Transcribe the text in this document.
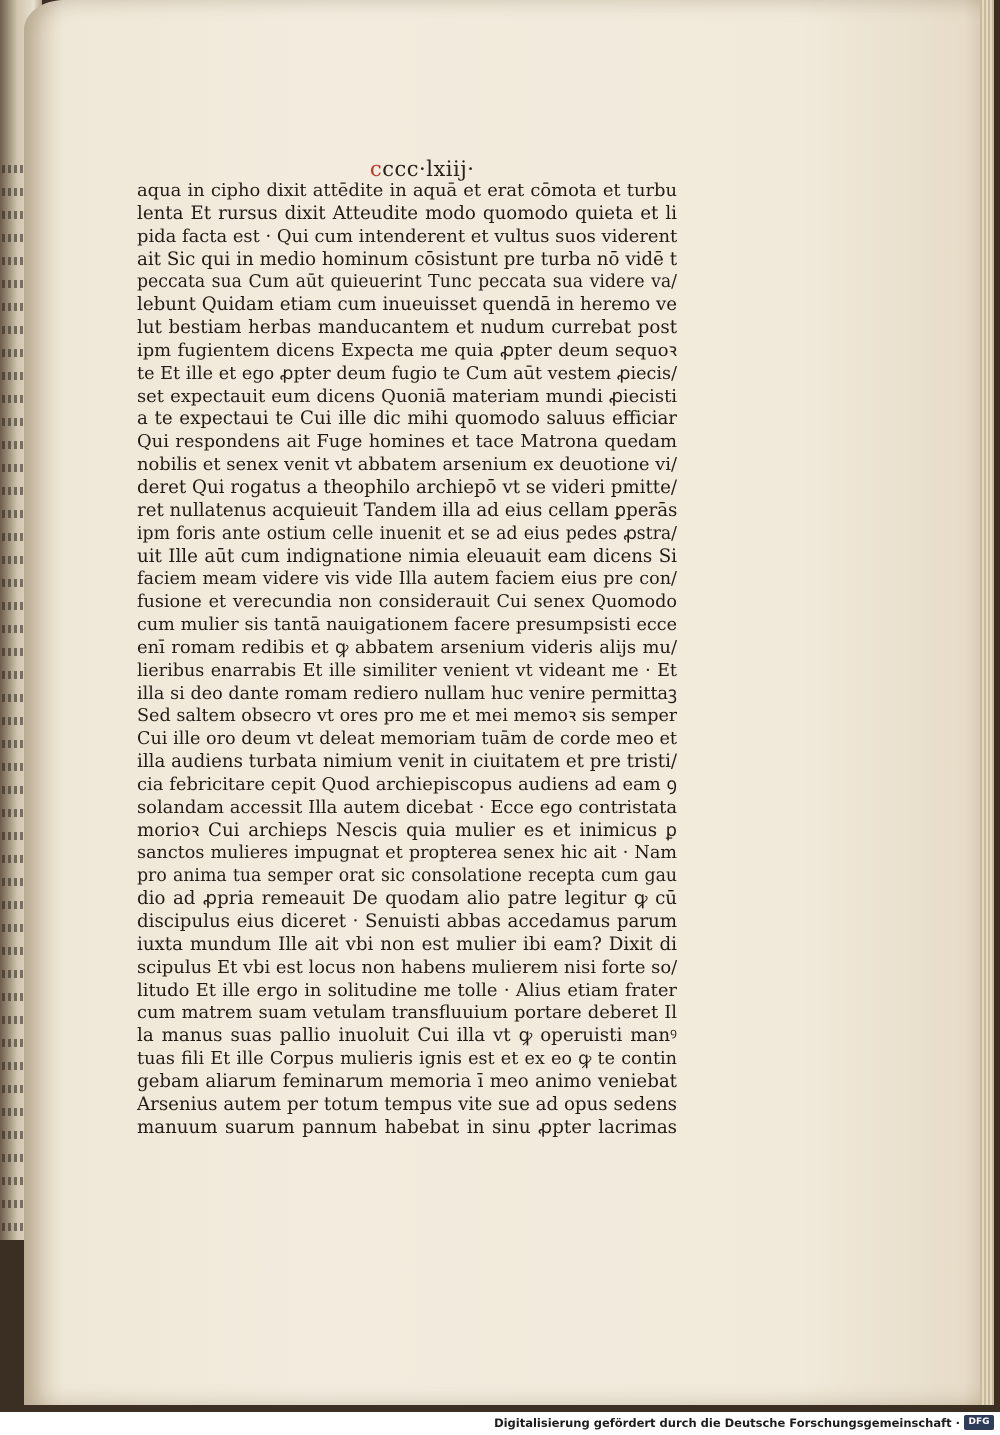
cccc·lxiij·
aqua in cipho dixit attēdite in aquā et erat cōmota et turbu
lenta Et rursus dixit Atteudite modo quomodo quieta et li
pida facta est · Qui cum intenderent et vultus suos viderent
ait Sic qui in medio hominum cōsistunt pre turba nō vidē t
peccata sua Cum aūt quieuerint Tunc peccata sua videre va/
lebunt Quidam etiam cum inueuisset quendā in heremo ve
lut bestiam herbas manducantem et nudum currebat post
ipm fugientem dicens Expecta me quia ꝓpter deum sequoꝛ
te Et ille et ego ꝓpter deum fugio te Cum aūt vestem ꝓiecis/
set expectauit eum dicens Quoniā materiam mundi ꝓiecisti
a te expectaui te Cui ille dic mihi quomodo saluus efficiar
Qui respondens ait Fuge homines et tace Matrona quedam
nobilis et senex venit vt abbatem arsenium ex deuotione vi/
deret Qui rogatus a theophilo archiepō vt se videri pmitte/
ret nullatenus acquieuit Tandem illa ad eius cellam ꝑperās
ipm foris ante ostium celle inuenit et se ad eius pedes ꝓstra/
uit Ille aūt cum indignatione nimia eleuauit eam dicens Si
faciem meam videre vis vide Illa autem faciem eius pre con/
fusione et verecundia non considerauit Cui senex Quomodo
cum mulier sis tantā nauigationem facere presumpsisti ecce
enī romam redibis et ꝙ abbatem arsenium videris alijs mu/
lieribus enarrabis Et ille similiter venient vt videant me · Et
illa si deo dante romam rediero nullam huc venire permittaꝫ
Sed saltem obsecro vt ores pro me et mei memoꝛ sis semper
Cui ille oro deum vt deleat memoriam tuām de corde meo et
illa audiens turbata nimium venit in ciuitatem et pre tristi/
cia febricitare cepit Quod archiepiscopus audiens ad eam ꝯ
solandam accessit Illa autem dicebat · Ecce ego contristata
morioꝛ Cui archieps Nescis quia mulier es et inimicus ꝑ
sanctos mulieres impugnat et propterea senex hic ait · Nam
pro anima tua semper orat sic consolatione recepta cum gau
dio ad ꝓpria remeauit De quodam alio patre legitur ꝙ cū
discipulus eius diceret · Senuisti abbas accedamus parum
iuxta mundum Ille ait vbi non est mulier ibi eam? Dixit di
scipulus Et vbi est locus non habens mulierem nisi forte so/
litudo Et ille ergo in solitudine me tolle · Alius etiam frater
cum matrem suam vetulam transfluuium portare deberet Il
la manus suas pallio inuoluit Cui illa vt ꝙ operuisti manꝰ
tuas fili Et ille Corpus mulieris ignis est et ex eo ꝙ te contin
gebam aliarum feminarum memoria ī meo animo veniebat
Arsenius autem per totum tempus vite sue ad opus sedens
manuum suarum pannum habebat in sinu ꝓpter lacrimas
Digitalisierung gefördert durch die Deutsche Forschungsgemeinschaft · DFG
